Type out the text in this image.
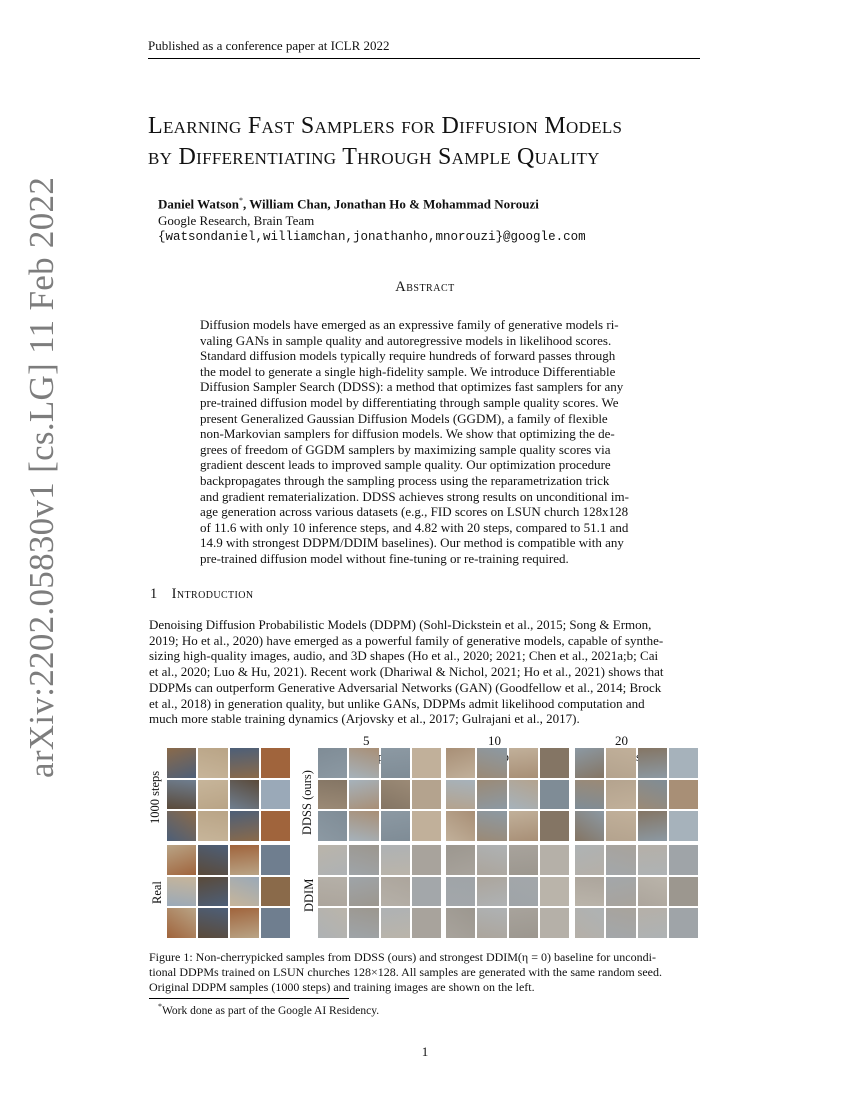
Published as a conference paper at ICLR 2022
arXiv:2202.05830v1 [cs.LG] 11 Feb 2022
Learning Fast Samplers for Diffusion Models
by Differentiating Through Sample Quality
Daniel Watson*, William Chan, Jonathan Ho & Mohammad Norouzi
Google Research, Brain Team
{watsondaniel,williamchan,jonathanho,mnorouzi}@google.com
Abstract
Diffusion models have emerged as an expressive family of generative models ri-
valing GANs in sample quality and autoregressive models in likelihood scores.
Standard diffusion models typically require hundreds of forward passes through
the model to generate a single high-fidelity sample. We introduce Differentiable
Diffusion Sampler Search (DDSS): a method that optimizes fast samplers for any
pre-trained diffusion model by differentiating through sample quality scores. We
present Generalized Gaussian Diffusion Models (GGDM), a family of flexible
non-Markovian samplers for diffusion models. We show that optimizing the de-
grees of freedom of GGDM samplers by maximizing sample quality scores via
gradient descent leads to improved sample quality. Our optimization procedure
backpropagates through the sampling process using the reparametrization trick
and gradient rematerialization. DDSS achieves strong results on unconditional im-
age generation across various datasets (e.g., FID scores on LSUN church 128x128
of 11.6 with only 10 inference steps, and 4.82 with 20 steps, compared to 51.1 and
14.9 with strongest DDPM/DDIM baselines). Our method is compatible with any
pre-trained diffusion model without fine-tuning or re-training required.
1 Introduction
Denoising Diffusion Probabilistic Models (DDPM) (Sohl-Dickstein et al., 2015; Song & Ermon,
2019; Ho et al., 2020) have emerged as a powerful family of generative models, capable of synthe-
sizing high-quality images, audio, and 3D shapes (Ho et al., 2020; 2021; Chen et al., 2021a;b; Cai
et al., 2020; Luo & Hu, 2021). Recent work (Dhariwal & Nichol, 2021; Ho et al., 2021) shows that
DDPMs can outperform Generative Adversarial Networks (GAN) (Goodfellow et al., 2014; Brock
et al., 2018) in generation quality, but unlike GANs, DDPMs admit likelihood computation and
much more stable training dynamics (Arjovsky et al., 2017; Gulrajani et al., 2017).
5	10	20
1000 steps
Real
DDSS (ours)
DDIM
Figure 1: Non-cherrypicked samples from DDSS (ours) and strongest DDIM(η = 0) baseline for uncondi-
tional DDPMs trained on LSUN churches 128×128. All samples are generated with the same random seed.
Original DDPM samples (1000 steps) and training images are shown on the left.
*Work done as part of the Google AI Residency.
1
